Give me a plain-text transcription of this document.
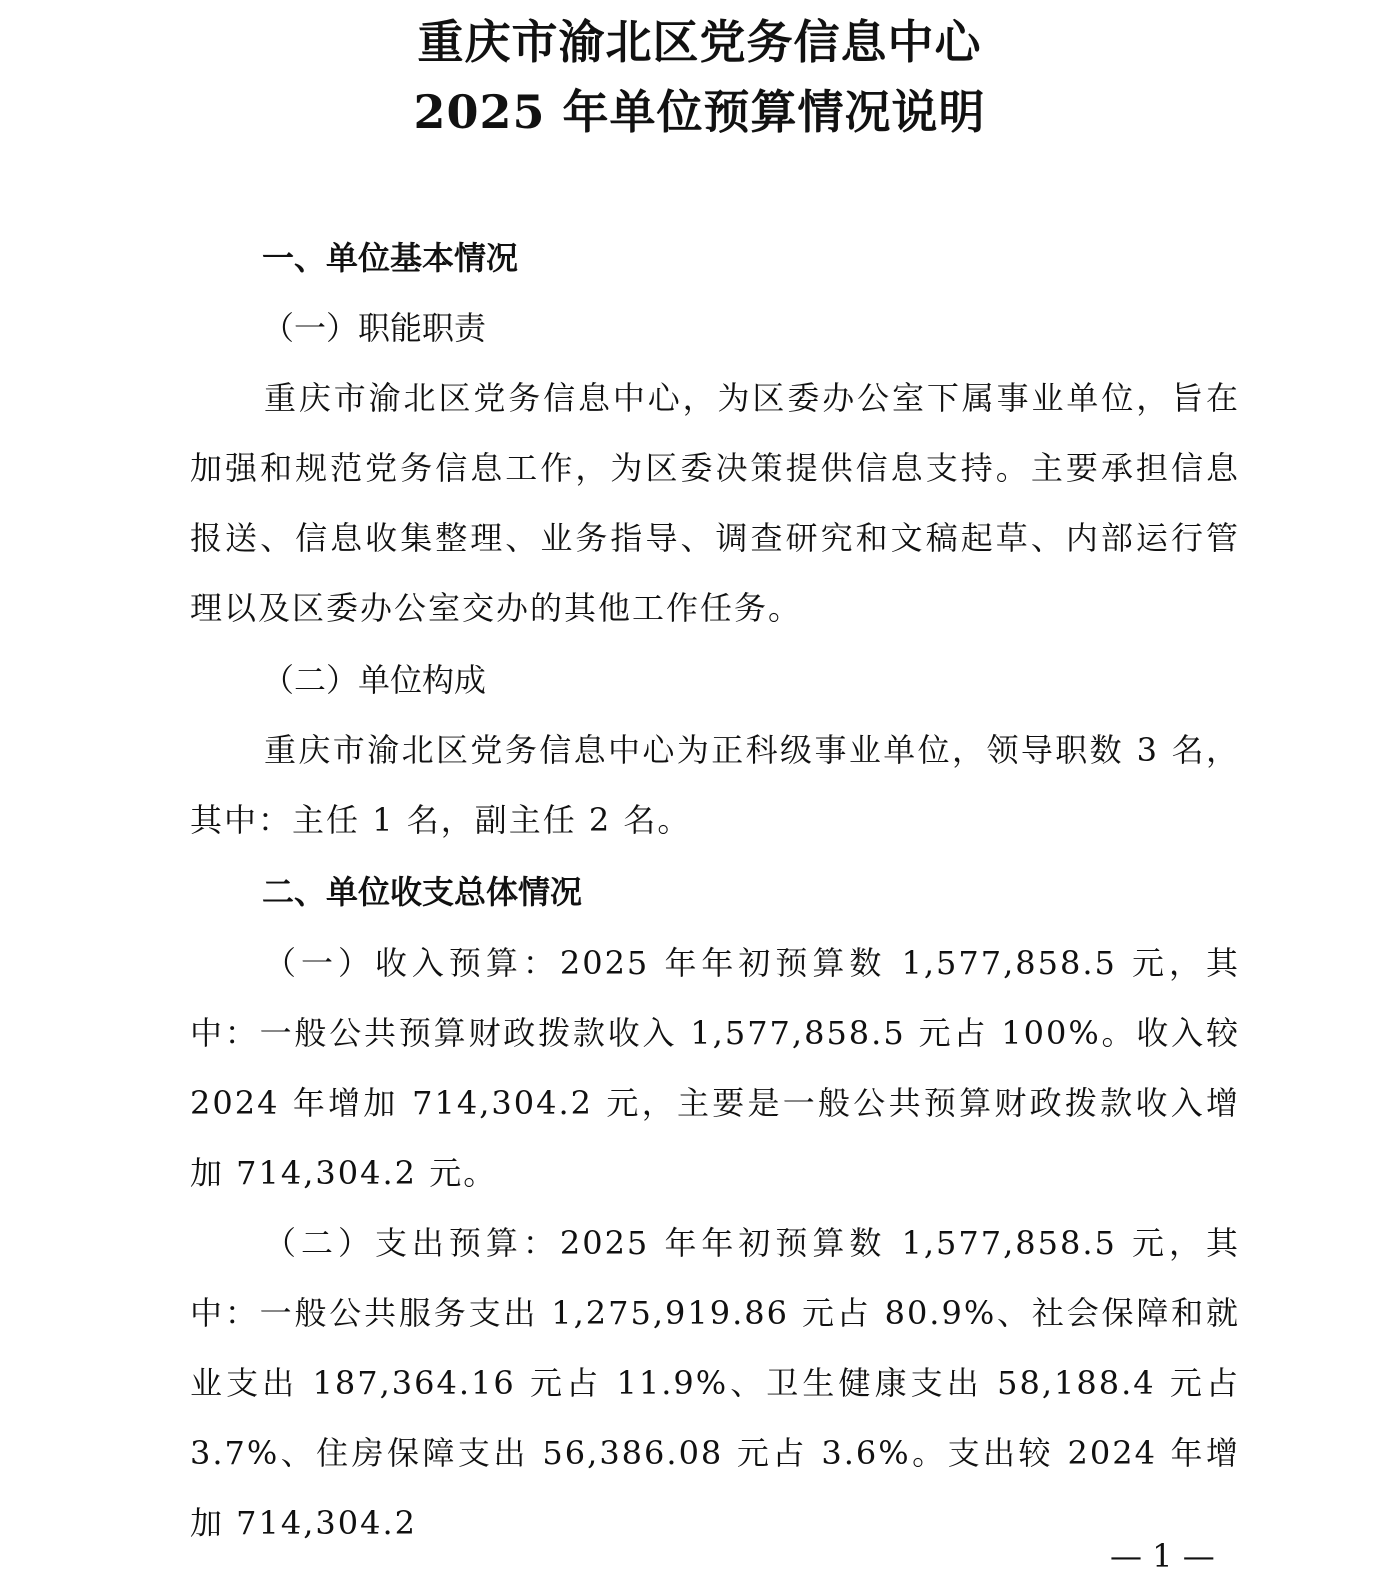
重庆市渝北区党务信息中心
2025 年单位预算情况说明
一、单位基本情况
（一）职能职责
重庆市渝北区党务信息中心，为区委办公室下属事业单位，旨在加强和规范党务信息工作，为区委决策提供信息支持。主要承担信息报送、信息收集整理、业务指导、调查研究和文稿起草、内部运行管理以及区委办公室交办的其他工作任务。
（二）单位构成
重庆市渝北区党务信息中心为正科级事业单位，领导职数 3 名，其中：主任 1 名，副主任 2 名。
二、单位收支总体情况
（一）收入预算：2025 年年初预算数 1,577,858.5 元，其中：一般公共预算财政拨款收入 1,577,858.5 元占 100%。收入较 2024 年增加 714,304.2 元，主要是一般公共预算财政拨款收入增加 714,304.2 元。
（二）支出预算：2025 年年初预算数 1,577,858.5 元，其中：一般公共服务支出 1,275,919.86 元占 80.9%、社会保障和就业支出 187,364.16 元占 11.9%、卫生健康支出 58,188.4 元占 3.7%、住房保障支出 56,386.08 元占 3.6%。支出较 2024 年增加 714,304.2
— 1 —
